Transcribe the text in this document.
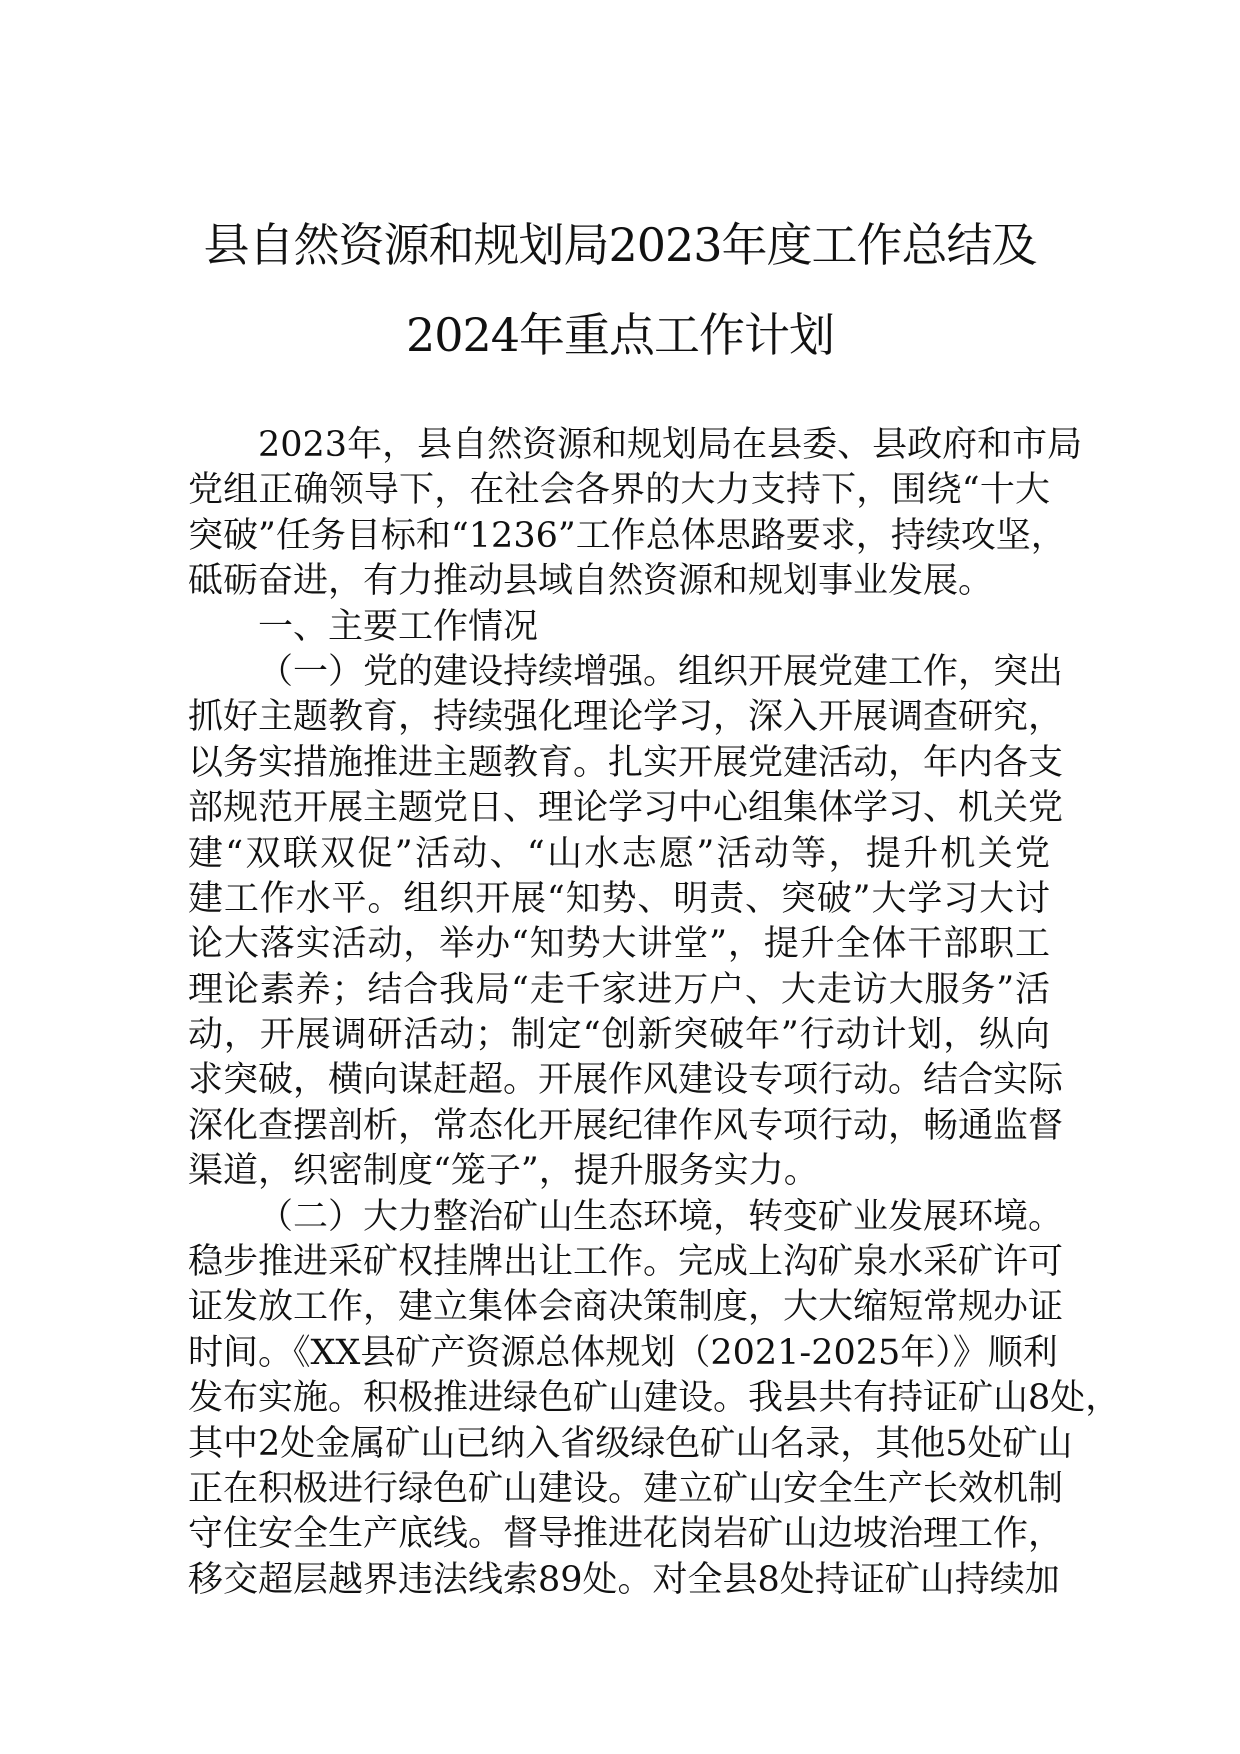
县自然资源和规划局2023年度工作总结及
2024年重点工作计划
2023年，县自然资源和规划局在县委、县政府和市局
党组正确领导下，在社会各界的大力支持下，围绕“十大
突破”任务目标和“1236”工作总体思路要求，持续攻坚，
砥砺奋进，有力推动县域自然资源和规划事业发展。
一、主要工作情况
（一）党的建设持续增强。组织开展党建工作，突出
抓好主题教育，持续强化理论学习，深入开展调查研究，
以务实措施推进主题教育。扎实开展党建活动，年内各支
部规范开展主题党日、理论学习中心组集体学习、机关党
建“双联双促”活动、“山水志愿”活动等，提升机关党
建工作水平。组织开展“知势、明责、突破”大学习大讨
论大落实活动，举办“知势大讲堂”，提升全体干部职工
理论素养；结合我局“走千家进万户、大走访大服务”活
动，开展调研活动；制定“创新突破年”行动计划，纵向
求突破，横向谋赶超。开展作风建设专项行动。结合实际
深化查摆剖析，常态化开展纪律作风专项行动，畅通监督
渠道，织密制度“笼子”，提升服务实力。
（二）大力整治矿山生态环境，转变矿业发展环境。
稳步推进采矿权挂牌出让工作。完成上沟矿泉水采矿许可
证发放工作，建立集体会商决策制度，大大缩短常规办证
时间。《XX县矿产资源总体规划（2021-2025年）》顺利
发布实施。积极推进绿色矿山建设。我县共有持证矿山8处，
其中2处金属矿山已纳入省级绿色矿山名录，其他5处矿山
正在积极进行绿色矿山建设。建立矿山安全生产长效机制
守住安全生产底线。督导推进花岗岩矿山边坡治理工作，
移交超层越界违法线索89处。对全县8处持证矿山持续加
